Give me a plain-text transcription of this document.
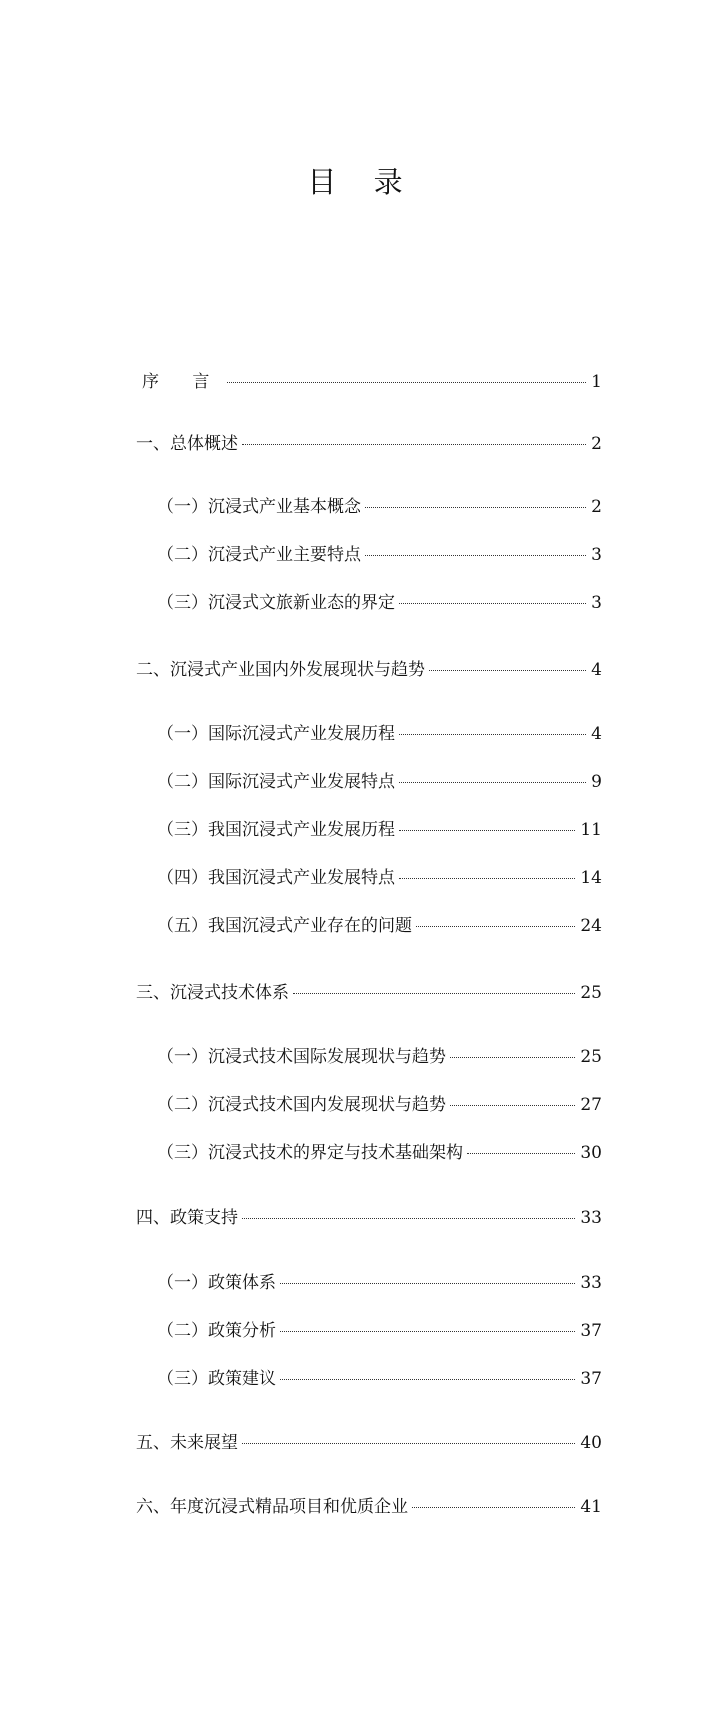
目 录
序 言	1
一、总体概述	2
（一）沉浸式产业基本概念	2
（二）沉浸式产业主要特点	3
（三）沉浸式文旅新业态的界定	3
二、沉浸式产业国内外发展现状与趋势	4
（一）国际沉浸式产业发展历程	4
（二）国际沉浸式产业发展特点	9
（三）我国沉浸式产业发展历程	11
（四）我国沉浸式产业发展特点	14
（五）我国沉浸式产业存在的问题	24
三、沉浸式技术体系	25
（一）沉浸式技术国际发展现状与趋势	25
（二）沉浸式技术国内发展现状与趋势	27
（三）沉浸式技术的界定与技术基础架构	30
四、政策支持	33
（一）政策体系	33
（二）政策分析	37
（三）政策建议	37
五、未来展望	40
六、年度沉浸式精品项目和优质企业	41
